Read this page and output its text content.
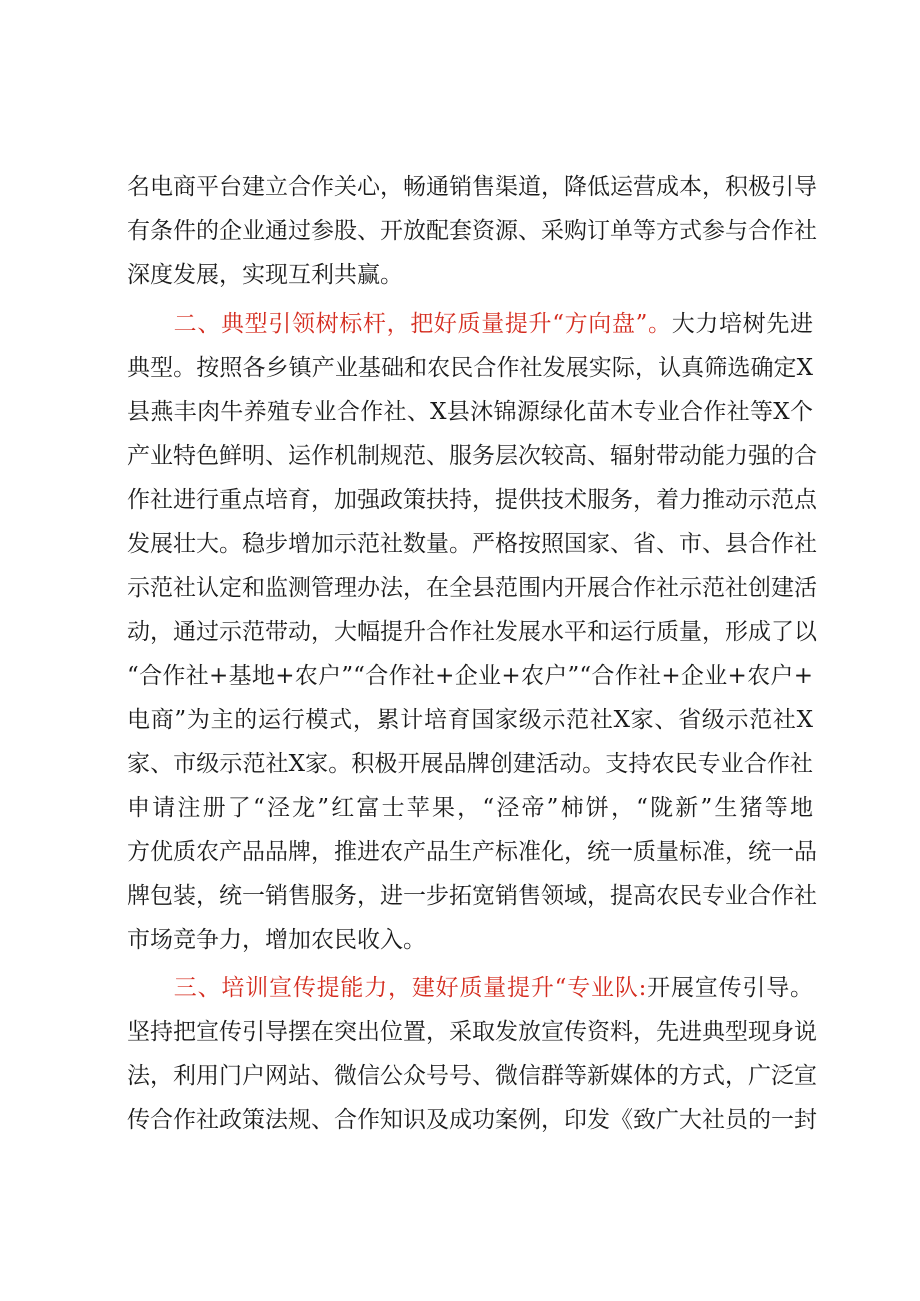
名电商平台建立合作关心，畅通销售渠道，降低运营成本，积极引导
有条件的企业通过参股、开放配套资源、采购订单等方式参与合作社
深度发展，实现互利共赢。
二、典型引领树标杆，把好质量提升“方向盘”。大力培树先进
典型。按照各乡镇产业基础和农民合作社发展实际，认真筛选确定X
县燕丰肉牛养殖专业合作社、X县沐锦源绿化苗木专业合作社等X个
产业特色鲜明、运作机制规范、服务层次较高、辐射带动能力强的合
作社进行重点培育，加强政策扶持，提供技术服务，着力推动示范点
发展壮大。稳步增加示范社数量。严格按照国家、省、市、县合作社
示范社认定和监测管理办法，在全县范围内开展合作社示范社创建活
动，通过示范带动，大幅提升合作社发展水平和运行质量，形成了以
“合作社+基地+农户”“合作社+企业+农户”“合作社+企业+农户+
电商”为主的运行模式，累计培育国家级示范社X家、省级示范社X
家、市级示范社X家。积极开展品牌创建活动。支持农民专业合作社
申请注册了“泾龙”红富士苹果，“泾帝”柿饼，“陇新”生猪等地
方优质农产品品牌，推进农产品生产标准化，统一质量标准，统一品
牌包装，统一销售服务，进一步拓宽销售领域，提高农民专业合作社
市场竞争力，增加农民收入。
三、培训宣传提能力，建好质量提升“专业队:开展宣传引导。
坚持把宣传引导摆在突出位置，采取发放宣传资料，先进典型现身说
法，利用门户网站、微信公众号号、微信群等新媒体的方式，广泛宣
传合作社政策法规、合作知识及成功案例，印发《致广大社员的一封
